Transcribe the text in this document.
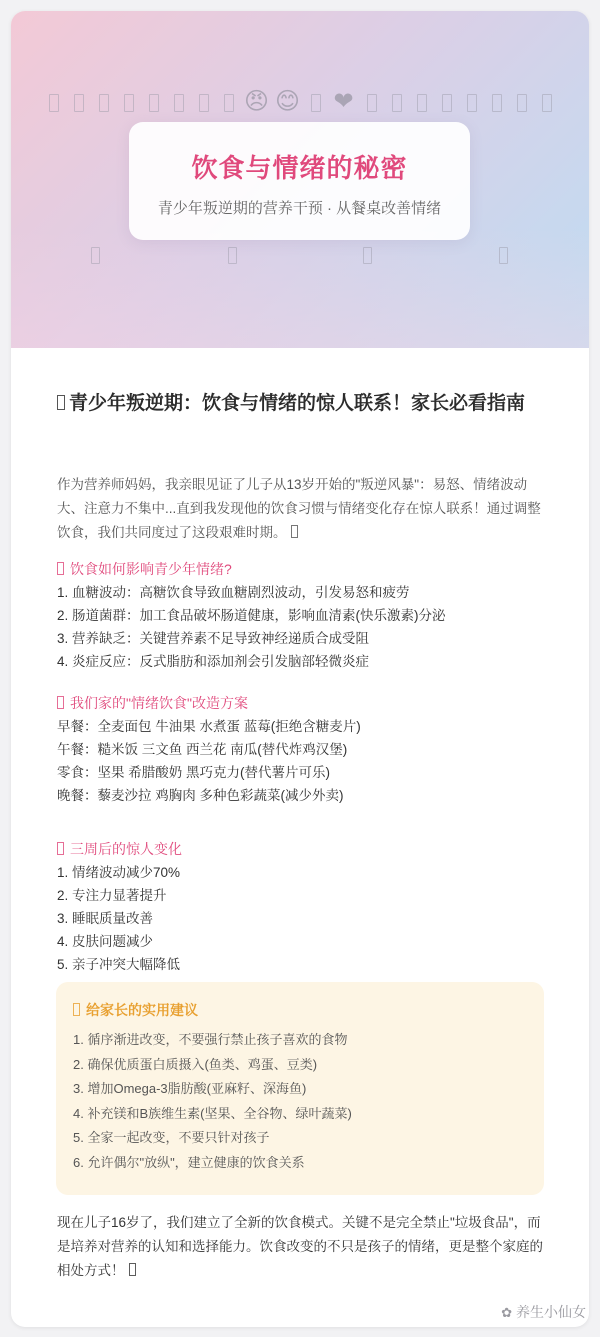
😠 😊 ❤
饮食与情绪的秘密

青少年叛逆期的营养干预 · 从餐桌改善情绪

青少年叛逆期：饮食与情绪的惊人联系！家长必看指南

作为营养师妈妈，我亲眼见证了儿子从13岁开始的"叛逆风暴"：易怒、情绪波动大、注意力不集中...直到我发现他的饮食习惯与情绪变化存在惊人联系！通过调整饮食，我们共同度过了这段艰难时期。

饮食如何影响青少年情绪?

1. 血糖波动：高糖饮食导致血糖剧烈波动，引发易怒和疲劳
2. 肠道菌群：加工食品破坏肠道健康，影响血清素(快乐激素)分泌
3. 营养缺乏：关键营养素不足导致神经递质合成受阻
4. 炎症反应：反式脂肪和添加剂会引发脑部轻微炎症

我们家的"情绪饮食"改造方案

早餐：全麦面包 牛油果 水煮蛋 蓝莓(拒绝含糖麦片)
午餐：糙米饭 三文鱼 西兰花 南瓜(替代炸鸡汉堡)
零食：坚果 希腊酸奶 黑巧克力(替代薯片可乐)
晚餐：藜麦沙拉 鸡胸肉 多种色彩蔬菜(减少外卖)

三周后的惊人变化

1. 情绪波动减少70%
2. 专注力显著提升
3. 睡眠质量改善
4. 皮肤问题减少
5. 亲子冲突大幅降低
给家长的实用建议
1. 循序渐进改变，不要强行禁止孩子喜欢的食物
2. 确保优质蛋白质摄入(鱼类、鸡蛋、豆类)
3. 增加Omega-3脂肪酸(亚麻籽、深海鱼)
4. 补充镁和B族维生素(坚果、全谷物、绿叶蔬菜)
5. 全家一起改变，不要只针对孩子
6. 允许偶尔"放纵"，建立健康的饮食关系

现在儿子16岁了，我们建立了全新的饮食模式。关键不是完全禁止"垃圾食品"，而是培养对营养的认知和选择能力。饮食改变的不只是孩子的情绪，更是整个家庭的相处方式！

✿ 养生小仙女
